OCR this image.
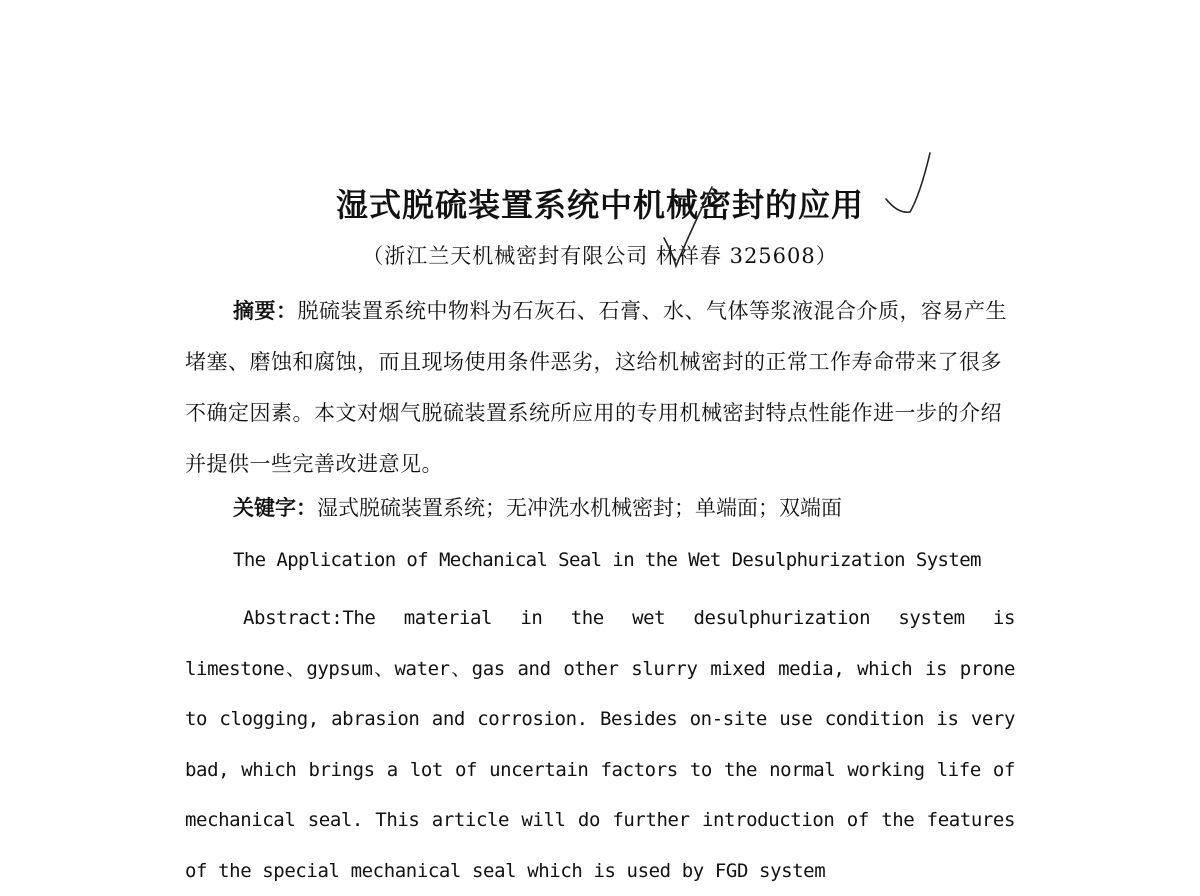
湿式脱硫装置系统中机械密封的应用
（浙江兰天机械密封有限公司 林祥春 325608）
摘要：脱硫装置系统中物料为石灰石、石膏、水、气体等浆液混合介质，容易产生堵塞、磨蚀和腐蚀，而且现场使用条件恶劣，这给机械密封的正常工作寿命带来了很多不确定因素。本文对烟气脱硫装置系统所应用的专用机械密封特点性能作进一步的介绍并提供一些完善改进意见。
关键字：湿式脱硫装置系统；无冲洗水机械密封；单端面；双端面
The Application of Mechanical Seal in the Wet Desulphurization System
Abstract:The material in the wet desulphurization system is limestone、gypsum、water、gas and other slurry mixed media, which is prone to clogging, abrasion and corrosion. Besides on-site use condition is very bad, which brings a lot of uncertain factors to the normal working life of mechanical seal. This article will do further introduction of the features of the special mechanical seal which is used by FGD system
